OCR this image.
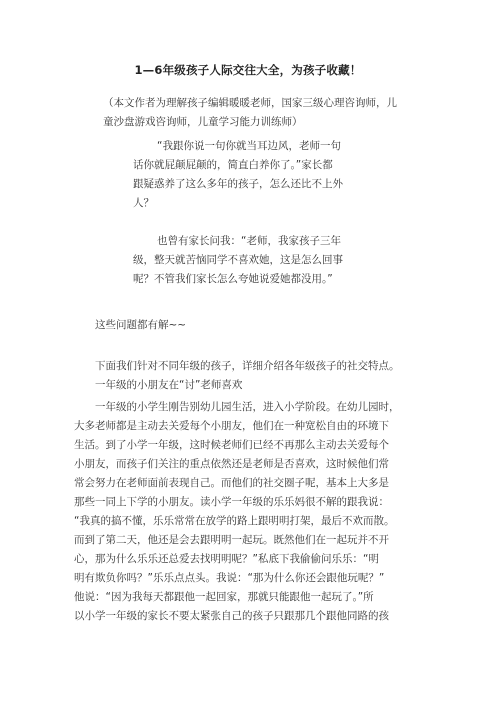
1—6年级孩子人际交往大全，为孩子收藏！
（本文作者为理解孩子编辑暖暖老师，国家三级心理咨询师，儿
童沙盘游戏咨询师，儿童学习能力训练师）
“我跟你说一句你就当耳边风，老师一句
话你就屁颠屁颠的，简直白养你了。”家长都
跟疑惑养了这么多年的孩子，怎么还比不上外
人？
也曾有家长问我：“老师，我家孩子三年
级，整天就苦恼同学不喜欢她，这是怎么回事
呢？不管我们家长怎么夸她说爱她都没用。”
这些问题都有解~~
下面我们针对不同年级的孩子，详细介绍各年级孩子的社交特点。
一年级的小朋友在“讨”老师喜欢
一年级的小学生刚告别幼儿园生活，进入小学阶段。在幼儿园时，
大多老师都是主动去关爱每个小朋友，他们在一种宽松自由的环境下
生活。到了小学一年级，这时候老师们已经不再那么主动去关爱每个
小朋友，而孩子们关注的重点依然还是老师是否喜欢，这时候他们常
常会努力在老师面前表现自己。而他们的社交圈子呢，基本上大多是
那些一同上下学的小朋友。读小学一年级的乐乐妈很不解的跟我说：
“我真的搞不懂，乐乐常常在放学的路上跟明明打架，最后不欢而散。
而到了第二天，他还是会去跟明明一起玩。既然他们在一起玩并不开
心，那为什么乐乐还总爱去找明明呢？”私底下我偷偷问乐乐：“明
明有欺负你吗？”乐乐点点头。我说：“那为什么你还会跟他玩呢？”
他说：“因为我每天都跟他一起回家，那就只能跟他一起玩了。”所
以小学一年级的家长不要太紧张自己的孩子只跟那几个跟他同路的孩
